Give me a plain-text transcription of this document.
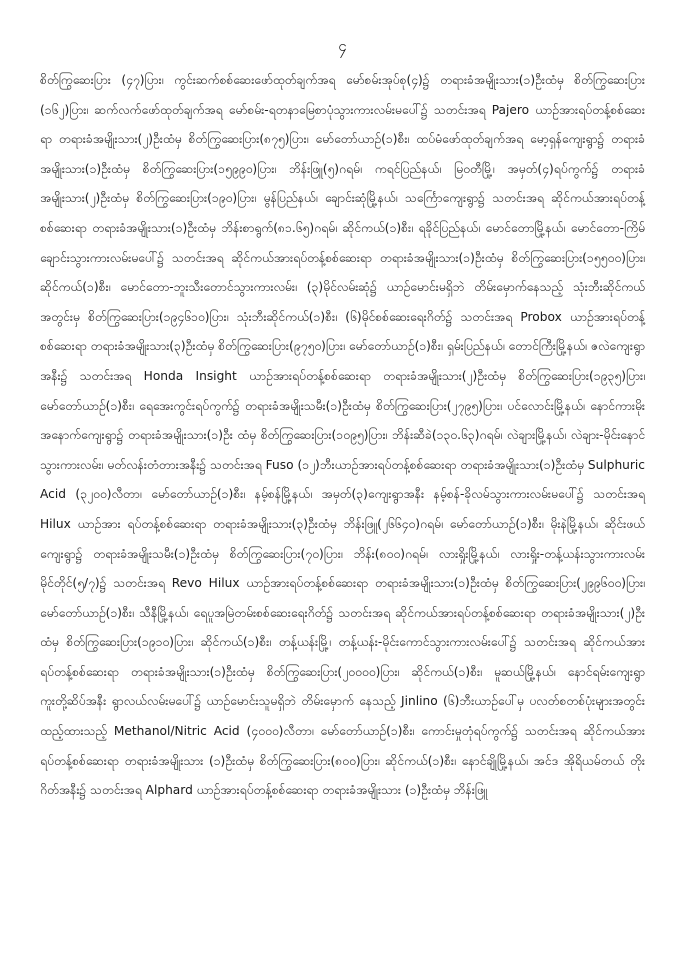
၄

စိတ်ကြွဆေးပြား (၄၇)ပြား၊ ကွင်းဆက်စစ်ဆေးဖော်ထုတ်ချက်အရ မော်စမ်းအုပ်စု(၄)၌ တရားခံအမျိုးသား(၁)ဦးထံမှ စိတ်ကြွဆေးပြား (၁၆၂)ပြား၊ ဆက်လက်ဖော်ထုတ်ချက်အရ မော်စမ်း-ရတနာမြေစာပုံသွားကားလမ်းမပေါ်၌ သတင်းအရ Pajero ယာဉ်အားရပ်တန့်စစ်ဆေးရာ တရားခံအမျိုးသား(၂)ဦးထံမှ စိတ်ကြွဆေးပြား(၈၇၅)ပြား၊ မော်တော်ယာဉ်(၁)စီး၊ ထပ်မံဖော်ထုတ်ချက်အရ မော့ရှန်ကျေးရွာ၌ တရားခံအမျိုးသား(၁)ဦးထံမှ စိတ်ကြွဆေးပြား(၁၅၉၉၀)ပြား၊ ဘိန်းဖြူ(၅)ဂရမ်၊ ကရင်ပြည်နယ်၊ မြဝတီမြို့၊ အမှတ်(၄)ရပ်ကွက်၌ တရားခံအမျိုးသား(၂)ဦးထံမှ စိတ်ကြွဆေးပြား(၁၉၀)ပြား၊ မွန်ပြည်နယ်၊ ချောင်းဆုံမြို့နယ်၊ သင်္ကြောကျေးရွာ၌ သတင်းအရ ဆိုင်ကယ်အားရပ်တန့်စစ်ဆေးရာ တရားခံအမျိုးသား(၁)ဦးထံမှ ဘိန်းစာရွက်(၈၁.၆၅)ဂရမ်၊ ဆိုင်ကယ်(၁)စီး၊ ရခိုင်ပြည်နယ်၊ မောင်တောမြို့နယ်၊ မောင်တော-ကြိမ်ချောင်းသွားကားလမ်းမပေါ်၌ သတင်းအရ ဆိုင်ကယ်အားရပ်တန့်စစ်ဆေးရာ တရားခံအမျိုးသား(၁)ဦးထံမှ စိတ်ကြွဆေးပြား(၁၅၅၀၀)ပြား၊ ဆိုင်ကယ်(၁)စီး၊ မောင်တော-ဘူးသီးတောင်သွားကားလမ်း၊ (၃)မိုင်လမ်းဆုံ၌ ယာဉ်မောင်းမရှိဘဲ တိမ်းမှောက်နေသည့် သုံးဘီးဆိုင်ကယ်အတွင်းမှ စိတ်ကြွဆေးပြား(၁၉၄၆၁၀)ပြား၊ သုံးဘီးဆိုင်ကယ်(၁)စီး၊ (၆)မိုင်စစ်ဆေးရေးဂိတ်၌ သတင်းအရ Probox ယာဉ်အားရပ်တန့်စစ်ဆေးရာ တရားခံအမျိုးသား(၃)ဦးထံမှ စိတ်ကြွဆေးပြား(၉၇၅၀)ပြား၊ မော်တော်ယာဉ်(၁)စီး၊ ရှမ်းပြည်နယ်၊ တောင်ကြီးမြို့နယ်၊ ဇလဲကျေးရွာအနီး၌ သတင်းအရ Honda Insight ယာဉ်အားရပ်တန့်စစ်ဆေးရာ တရားခံအမျိုးသား(၂)ဦးထံမှ စိတ်ကြွဆေးပြား(၁၉၃၅)ပြား၊ မော်တော်ယာဉ်(၁)စီး၊ ရေအေးကွင်းရပ်ကွက်၌ တရားခံအမျိုးသမီး(၁)ဦးထံမှ စိတ်ကြွဆေးပြား(၂၇၉၅)ပြား၊ ပင်လောင်းမြို့နယ်၊ နောင်ကားမိုးအနောက်ကျေးရွာ၌ တရားခံအမျိုးသား(၁)ဦး ထံမှ စိတ်ကြွဆေးပြား(၁၀၉၅)ပြား၊ ဘိန်းဆီခဲ(၁၃၀.၆၃)ဂရမ်၊ လဲချားမြို့နယ်၊ လဲချား-မိုင်းနောင်သွားကားလမ်း၊ မတ်လန်းတံတားအနီး၌ သတင်းအရ Fuso (၁၂)ဘီးယာဉ်အားရပ်တန့်စစ်ဆေးရာ တရားခံအမျိုးသား(၁)ဦးထံမှ Sulphuric Acid (၃၂၀၀)လီတာ၊ မော်တော်ယာဉ်(၁)စီး၊ နမ့်စန်မြို့နယ်၊ အမှတ်(၃)ကျေးရွာအနီး နမ့်စန်-ခိုလမ်သွားကားလမ်းမပေါ်၌ သတင်းအရ Hilux ယာဉ်အား ရပ်တန့်စစ်ဆေးရာ တရားခံအမျိုးသား(၃)ဦးထံမှ ဘိန်းဖြူ(၂၆၆၄၀)ဂရမ်၊ မော်တော်ယာဉ်(၁)စီး၊ မိုးနဲမြို့နယ်၊ ဆိုင်းဖယ်ကျေးရွာ၌ တရားခံအမျိုးသမီး(၁)ဦးထံမှ စိတ်ကြွဆေးပြား(၇၀)ပြား၊ ဘိန်း(၈၀၀)ဂရမ်၊ လားရှိုးမြို့နယ်၊ လားရှိုး-တန့်ယန်းသွားကားလမ်း မိုင်တိုင်(၅/၇)၌ သတင်းအရ Revo Hilux ယာဉ်အားရပ်တန့်စစ်ဆေးရာ တရားခံအမျိုးသား(၁)ဦးထံမှ စိတ်ကြွဆေးပြား(၂၉၉၆၀၀)ပြား၊ မော်တော်ယာဉ်(၁)စီး၊ သီနီမြို့နယ်၊ ရေပူအမြဲတမ်းစစ်ဆေးရေးဂိတ်၌ သတင်းအရ ဆိုင်ကယ်အားရပ်တန့်စစ်ဆေးရာ တရားခံအမျိုးသား(၂)ဦးထံမှ စိတ်ကြွဆေးပြား(၁၉၁၀)ပြား၊ ဆိုင်ကယ်(၁)စီး၊ တန့်ယန်းမြို့၊ တန့်ယန်း-မိုင်းကောင်သွားကားလမ်းပေါ်၌ သတင်းအရ ဆိုင်ကယ်အားရပ်တန့်စစ်ဆေးရာ တရားခံအမျိုးသား(၁)ဦးထံမှ စိတ်ကြွဆေးပြား(၂၀၀၀၀)ပြား၊ ဆိုင်ကယ်(၁)စီး၊ မူဆယ်မြို့နယ်၊ နောင်ရမ်းကျေးရွာကူးတို့ဆိပ်အနီး ရွာလယ်လမ်းမပေါ်၌ ယာဉ်မောင်းသူမရှိဘဲ တိမ်းမှောက် နေသည့် Jinlino (၆)ဘီးယာဉ်ပေါ်မှ ပလတ်စတစ်ပုံးများအတွင်းထည့်ထားသည့် Methanol/Nitric Acid (၄၀၀၀)လီတာ၊ မော်တော်ယာဉ်(၁)စီး၊ ကောင်းမှုတုံရပ်ကွက်၌ သတင်းအရ ဆိုင်ကယ်အားရပ်တန့်စစ်ဆေးရာ တရားခံအမျိုးသား (၁)ဦးထံမှ စိတ်ကြွဆေးပြား(၈၀၀)ပြား၊ ဆိုင်ကယ်(၁)စီး၊ နောင်ချိုမြို့နယ်၊ အင်ဒ အိုရိယမ်တယ် တိုးဂိတ်အနီး၌ သတင်းအရ Alphard ယာဉ်အားရပ်တန့်စစ်ဆေးရာ တရားခံအမျိုးသား (၁)ဦးထံမှ ဘိန်းဖြူ
